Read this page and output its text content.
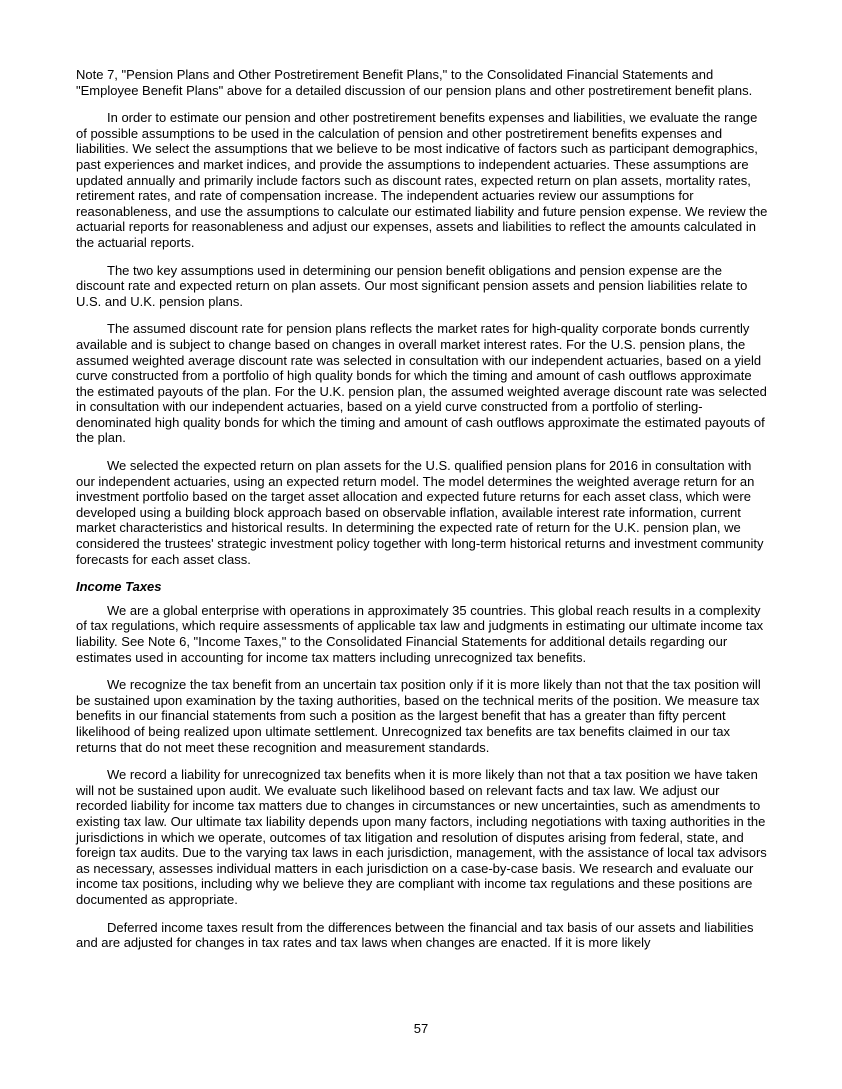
Note 7, "Pension Plans and Other Postretirement Benefit Plans," to the Consolidated Financial Statements and "Employee Benefit Plans" above for a detailed discussion of our pension plans and other postretirement benefit plans.

In order to estimate our pension and other postretirement benefits expenses and liabilities, we evaluate the range of possible assumptions to be used in the calculation of pension and other postretirement benefits expenses and liabilities. We select the assumptions that we believe to be most indicative of factors such as participant demographics, past experiences and market indices, and provide the assumptions to independent actuaries. These assumptions are updated annually and primarily include factors such as discount rates, expected return on plan assets, mortality rates, retirement rates, and rate of compensation increase. The independent actuaries review our assumptions for reasonableness, and use the assumptions to calculate our estimated liability and future pension expense. We review the actuarial reports for reasonableness and adjust our expenses, assets and liabilities to reflect the amounts calculated in the actuarial reports.

The two key assumptions used in determining our pension benefit obligations and pension expense are the discount rate and expected return on plan assets. Our most significant pension assets and pension liabilities relate to U.S. and U.K. pension plans.

The assumed discount rate for pension plans reflects the market rates for high-quality corporate bonds currently available and is subject to change based on changes in overall market interest rates. For the U.S. pension plans, the assumed weighted average discount rate was selected in consultation with our independent actuaries, based on a yield curve constructed from a portfolio of high quality bonds for which the timing and amount of cash outflows approximate the estimated payouts of the plan. For the U.K. pension plan, the assumed weighted average discount rate was selected in consultation with our independent actuaries, based on a yield curve constructed from a portfolio of sterling-denominated high quality bonds for which the timing and amount of cash outflows approximate the estimated payouts of the plan.

We selected the expected return on plan assets for the U.S. qualified pension plans for 2016 in consultation with our independent actuaries, using an expected return model. The model determines the weighted average return for an investment portfolio based on the target asset allocation and expected future returns for each asset class, which were developed using a building block approach based on observable inflation, available interest rate information, current market characteristics and historical results. In determining the expected rate of return for the U.K. pension plan, we considered the trustees' strategic investment policy together with long-term historical returns and investment community forecasts for each asset class.

Income Taxes

We are a global enterprise with operations in approximately 35 countries. This global reach results in a complexity of tax regulations, which require assessments of applicable tax law and judgments in estimating our ultimate income tax liability. See Note 6, "Income Taxes," to the Consolidated Financial Statements for additional details regarding our estimates used in accounting for income tax matters including unrecognized tax benefits.

We recognize the tax benefit from an uncertain tax position only if it is more likely than not that the tax position will be sustained upon examination by the taxing authorities, based on the technical merits of the position. We measure tax benefits in our financial statements from such a position as the largest benefit that has a greater than fifty percent likelihood of being realized upon ultimate settlement. Unrecognized tax benefits are tax benefits claimed in our tax returns that do not meet these recognition and measurement standards.

We record a liability for unrecognized tax benefits when it is more likely than not that a tax position we have taken will not be sustained upon audit. We evaluate such likelihood based on relevant facts and tax law. We adjust our recorded liability for income tax matters due to changes in circumstances or new uncertainties, such as amendments to existing tax law. Our ultimate tax liability depends upon many factors, including negotiations with taxing authorities in the jurisdictions in which we operate, outcomes of tax litigation and resolution of disputes arising from federal, state, and foreign tax audits. Due to the varying tax laws in each jurisdiction, management, with the assistance of local tax advisors as necessary, assesses individual matters in each jurisdiction on a case-by-case basis. We research and evaluate our income tax positions, including why we believe they are compliant with income tax regulations and these positions are documented as appropriate.

Deferred income taxes result from the differences between the financial and tax basis of our assets and liabilities and are adjusted for changes in tax rates and tax laws when changes are enacted. If it is more likely

57
